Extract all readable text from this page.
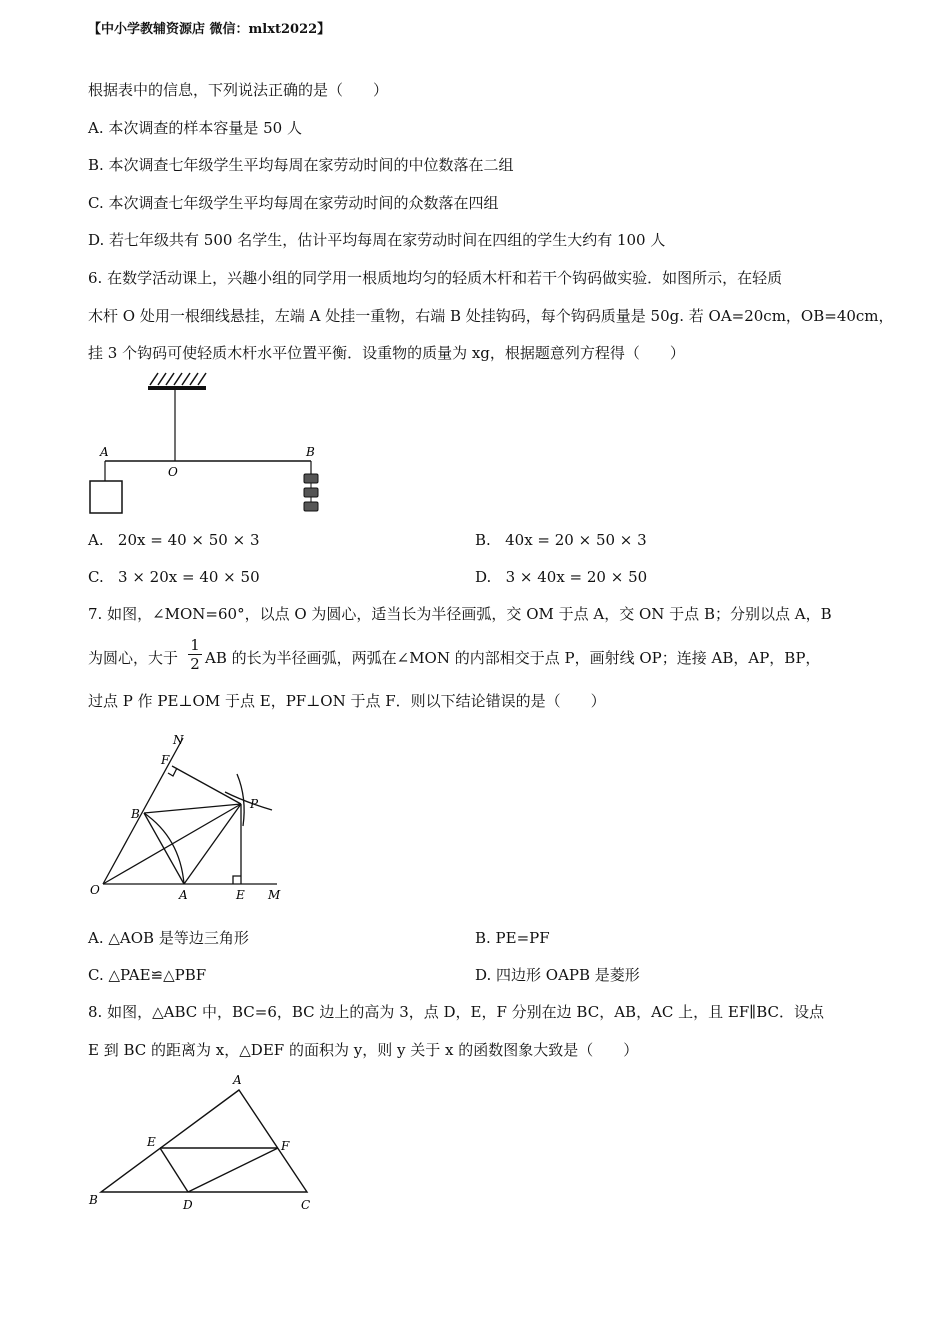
【中小学教辅资源店 微信：mlxt2022】
根据表中的信息，下列说法正确的是（　　）
A. 本次调查的样本容量是 50 人
B. 本次调查七年级学生平均每周在家劳动时间的中位数落在二组
C. 本次调查七年级学生平均每周在家劳动时间的众数落在四组
D. 若七年级共有 500 名学生，估计平均每周在家劳动时间在四组的学生大约有 100 人
6. 在数学活动课上，兴趣小组的同学用一根质地均匀的轻质木杆和若干个钩码做实验．如图所示，在轻质
木杆 O 处用一根细线悬挂，左端 A 处挂一重物，右端 B 处挂钩码，每个钩码质量是 50g. 若 OA=20cm，OB=40cm，
挂 3 个钩码可使轻质木杆水平位置平衡．设重物的质量为 xg，根据题意列方程得（　　）
A
O
B
A. 20x = 40 × 50 × 3	B. 40x = 20 × 50 × 3
C. 3 × 20x = 40 × 50	D. 3 × 40x = 20 × 50
7. 如图，∠MON=60°，以点 O 为圆心，适当长为半径画弧，交 OM 于点 A，交 ON 于点 B；分别以点 A，B
为圆心，大于 $\frac{1}{2}$ AB 的长为半径画弧，两弧在∠MON 的内部相交于点 P，画射线 OP；连接 AB，AP，BP，
过点 P 作 PE⊥OM 于点 E，PF⊥ON 于点 F．则以下结论错误的是（　　）
N
F
B
P
O	A	E M
A. △AOB 是等边三角形	B. PE=PF
C. △PAE≌△PBF	D. 四边形 OAPB 是菱形
8. 如图，△ABC 中，BC=6，BC 边上的高为 3，点 D，E，F 分别在边 BC，AB，AC 上，且 EF∥BC．设点
E 到 BC 的距离为 x，△DEF 的面积为 y，则 y 关于 x 的函数图象大致是（　　）
A
E	F
B	D	C
